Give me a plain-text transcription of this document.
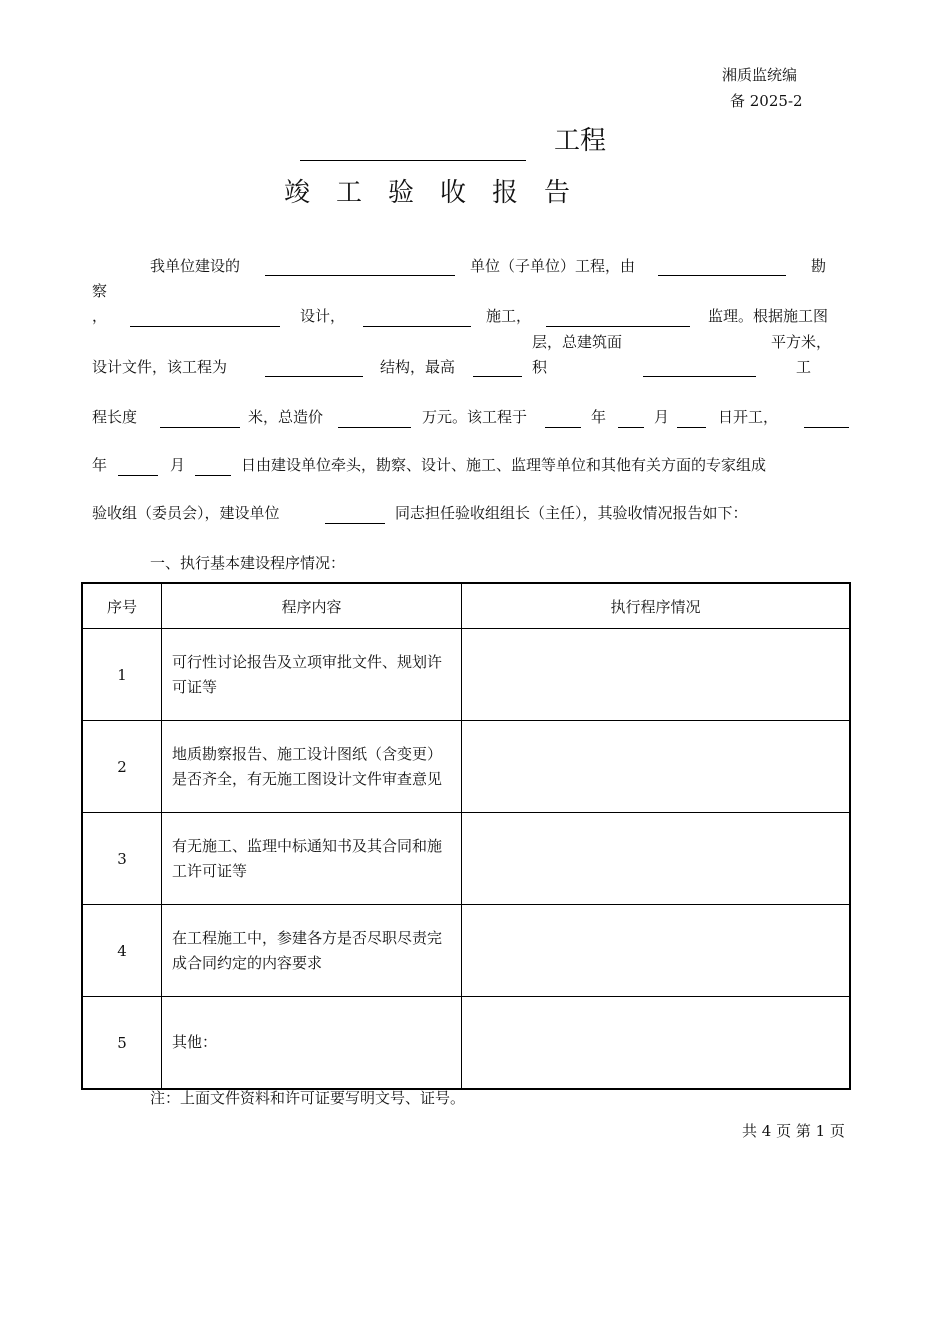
湘质监统编
备 2025-2
工程
竣工验收报告
我单位建设的	单位（子单位）工程，由	勘
察
，	设计，	施工，	监理。根据施工图
层，总建筑面	平方米，
设计文件，该工程为	结构，最高	积	工
程长度	米，总造价	万元。该工程于	年	月	日开工，
年	月	日由建设单位牵头，勘察、设计、施工、监理等单位和其他有关方面的专家组成
验收组（委员会），建设单位	同志担任验收组组长（主任），其验收情况报告如下：
一、执行基本建设程序情况：
序号	程序内容	执行程序情况
1	可行性讨论报告及立项审批文件、规划许可证等	
2	地质勘察报告、施工设计图纸（含变更）是否齐全，有无施工图设计文件审查意见	
3	有无施工、监理中标通知书及其合同和施工许可证等	
4	在工程施工中，参建各方是否尽职尽责完成合同约定的内容要求	
5	其他：	
注：上面文件资料和许可证要写明文号、证号。
共 4 页 第 1 页
